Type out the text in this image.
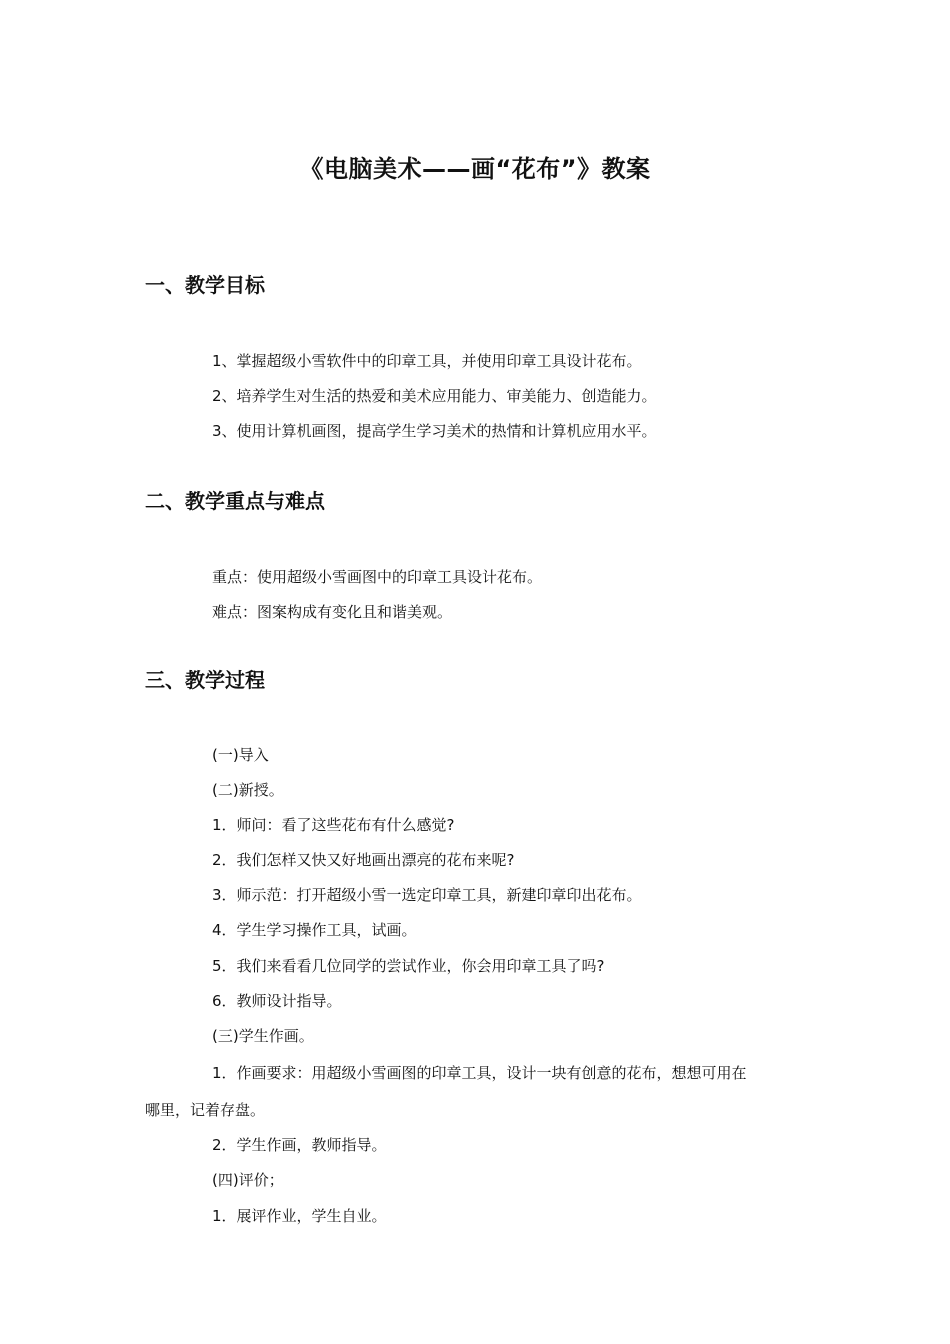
《电脑美术——画“花布”》教案
一、教学目标
1、掌握超级小雪软件中的印章工具，并使用印章工具设计花布。
2、培养学生对生活的热爱和美术应用能力、审美能力、创造能力。
3、使用计算机画图，提高学生学习美术的热情和计算机应用水平。
二、教学重点与难点
重点：使用超级小雪画图中的印章工具设计花布。
难点：图案构成有变化且和谐美观。
三、教学过程
(一)导入
(二)新授。
1．师问：看了这些花布有什么感觉?
2．我们怎样又快又好地画出漂亮的花布来呢?
3．师示范：打开超级小雪一选定印章工具，新建印章印出花布。
4．学生学习操作工具，试画。
5．我们来看看几位同学的尝试作业，你会用印章工具了吗?
6．教师设计指导。
(三)学生作画。
1．作画要求：用超级小雪画图的印章工具，设计一块有创意的花布，想想可用在
哪里，记着存盘。
2．学生作画，教师指导。
(四)评价；
1．展评作业，学生自业。
